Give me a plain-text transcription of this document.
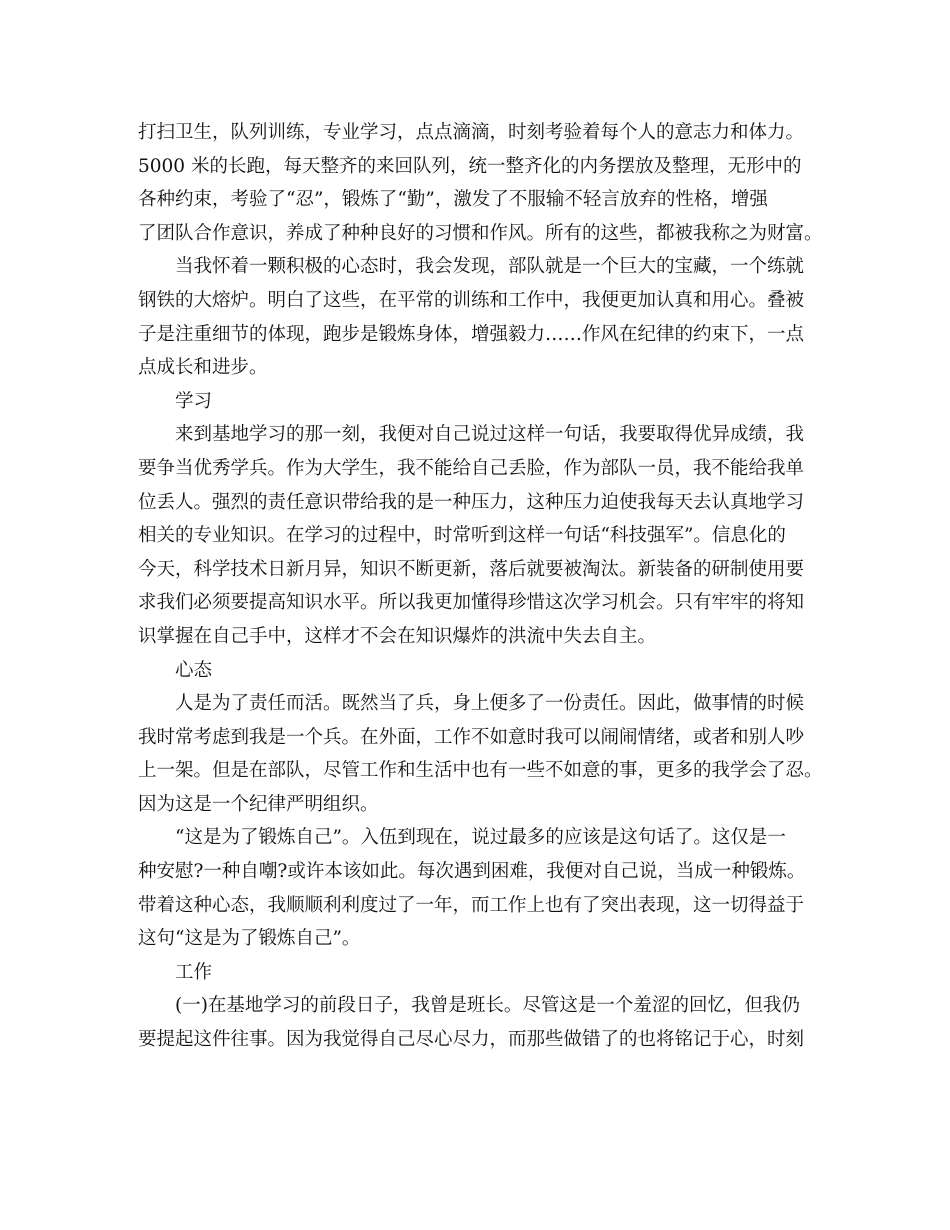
打扫卫生，队列训练，专业学习，点点滴滴，时刻考验着每个人的意志力和体力。
5000 米的长跑，每天整齐的来回队列，统一整齐化的内务摆放及整理，无形中的
各种约束，考验了“忍”，锻炼了“勤”，激发了不服输不轻言放弃的性格，增强
了团队合作意识，养成了种种良好的习惯和作风。所有的这些，都被我称之为财富。
　　当我怀着一颗积极的心态时，我会发现，部队就是一个巨大的宝藏，一个练就
钢铁的大熔炉。明白了这些，在平常的训练和工作中，我便更加认真和用心。叠被
子是注重细节的体现，跑步是锻炼身体，增强毅力……作风在纪律的约束下，一点
点成长和进步。
　　学习
　　来到基地学习的那一刻，我便对自己说过这样一句话，我要取得优异成绩，我
要争当优秀学兵。作为大学生，我不能给自己丢脸，作为部队一员，我不能给我单
位丢人。强烈的责任意识带给我的是一种压力，这种压力迫使我每天去认真地学习
相关的专业知识。在学习的过程中，时常听到这样一句话“科技强军”。信息化的
今天，科学技术日新月异，知识不断更新，落后就要被淘汰。新装备的研制使用要
求我们必须要提高知识水平。所以我更加懂得珍惜这次学习机会。只有牢牢的将知
识掌握在自己手中，这样才不会在知识爆炸的洪流中失去自主。
　　心态
　　人是为了责任而活。既然当了兵，身上便多了一份责任。因此，做事情的时候
我时常考虑到我是一个兵。在外面，工作不如意时我可以闹闹情绪，或者和别人吵
上一架。但是在部队，尽管工作和生活中也有一些不如意的事，更多的我学会了忍。
因为这是一个纪律严明组织。
　　“这是为了锻炼自己”。入伍到现在，说过最多的应该是这句话了。这仅是一
种安慰?一种自嘲?或许本该如此。每次遇到困难，我便对自己说，当成一种锻炼。
带着这种心态，我顺顺利利度过了一年，而工作上也有了突出表现，这一切得益于
这句“这是为了锻炼自己”。
　　工作
　　(一)在基地学习的前段日子，我曾是班长。尽管这是一个羞涩的回忆，但我仍
要提起这件往事。因为我觉得自己尽心尽力，而那些做错了的也将铭记于心，时刻
